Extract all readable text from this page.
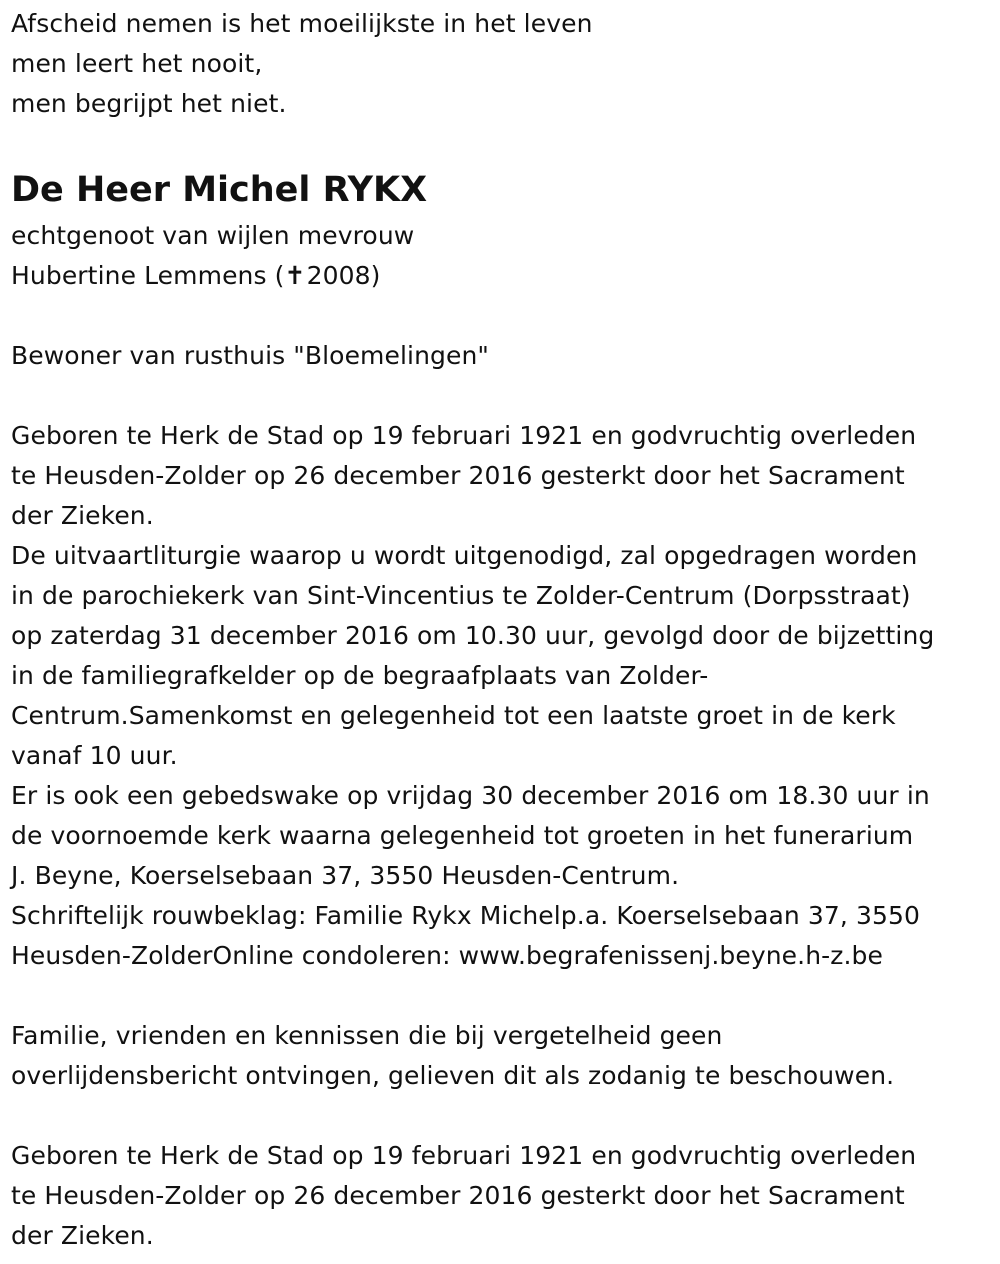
Afscheid nemen is het moeilijkste in het leven
men leert het nooit,
men begrijpt het niet.
De Heer Michel RYKX
echtgenoot van wijlen mevrouw
Hubertine Lemmens (✝ 2008)
Bewoner van rusthuis "Bloemelingen"
Geboren te Herk de Stad op 19 februari 1921 en godvruchtig overleden
te Heusden-Zolder op 26 december 2016 gesterkt door het Sacrament
der Zieken.
De uitvaartliturgie waarop u wordt uitgenodigd, zal opgedragen worden
in de parochiekerk van Sint-Vincentius te Zolder-Centrum (Dorpsstraat)
op zaterdag 31 december 2016 om 10.30 uur, gevolgd door de bijzetting
in de familiegrafkelder op de begraafplaats van Zolder-
Centrum.Samenkomst en gelegenheid tot een laatste groet in de kerk
vanaf 10 uur.
Er is ook een gebedswake op vrijdag 30 december 2016 om 18.30 uur in
de voornoemde kerk waarna gelegenheid tot groeten in het funerarium
J. Beyne, Koerselsebaan 37, 3550 Heusden-Centrum.
Schriftelijk rouwbeklag: Familie Rykx Michelp.a. Koerselsebaan 37, 3550
Heusden-ZolderOnline condoleren: www.begrafenissenj.beyne.h-z.be
Familie, vrienden en kennissen die bij vergetelheid geen
overlijdensbericht ontvingen, gelieven dit als zodanig te beschouwen.
Geboren te Herk de Stad op 19 februari 1921 en godvruchtig overleden
te Heusden-Zolder op 26 december 2016 gesterkt door het Sacrament
der Zieken.
